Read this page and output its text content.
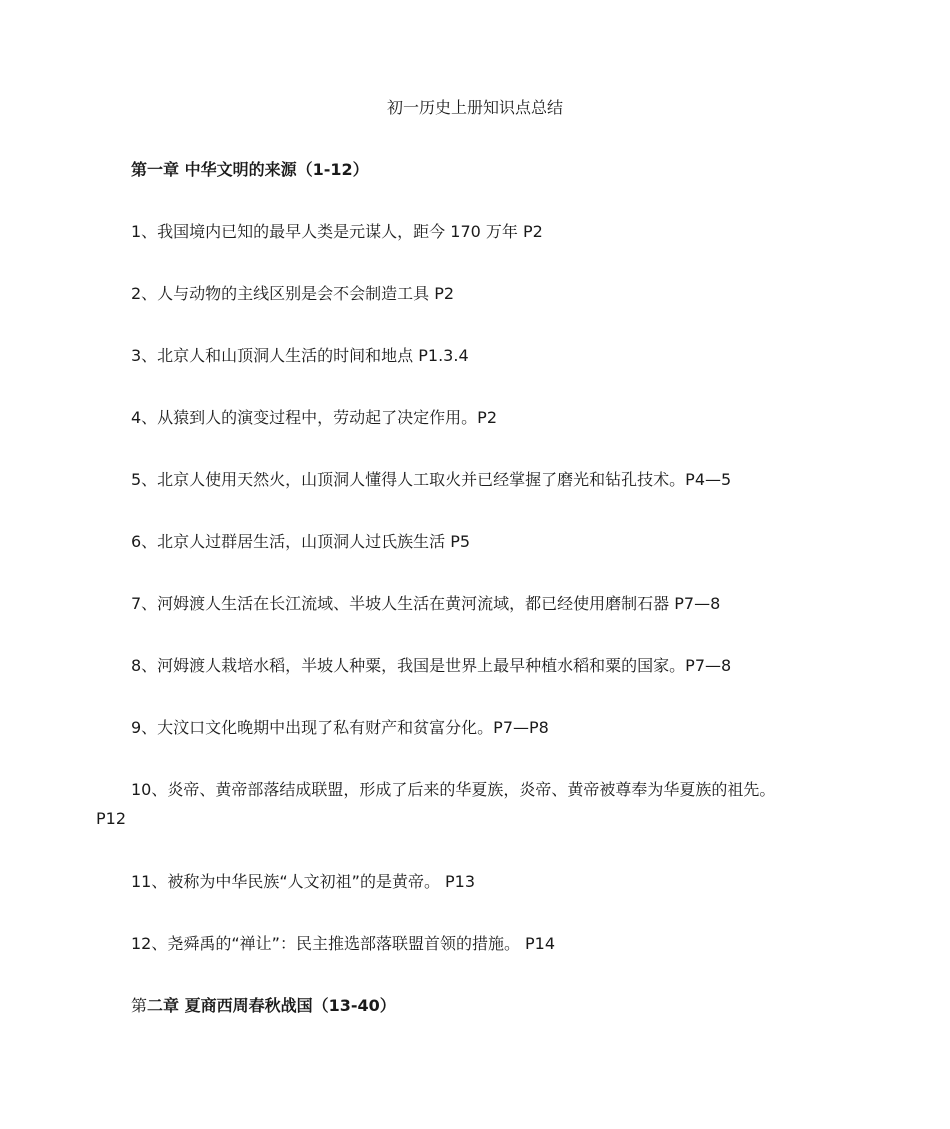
初一历史上册知识点总结
第一章 中华文明的来源（1-12）
1、我国境内已知的最早人类是元谋人，距今 170 万年 P2
2、人与动物的主线区别是会不会制造工具 P2
3、北京人和山顶洞人生活的时间和地点 P1.3.4
4、从猿到人的演变过程中，劳动起了决定作用。P2
5、北京人使用天然火，山顶洞人懂得人工取火并已经掌握了磨光和钻孔技术。P4—5
6、北京人过群居生活，山顶洞人过氏族生活 P5
7、河姆渡人生活在长江流域、半坡人生活在黄河流域，都已经使用磨制石器 P7—8
8、河姆渡人栽培水稻，半坡人种粟，我国是世界上最早种植水稻和粟的国家。P7—8
9、大汶口文化晚期中出现了私有财产和贫富分化。P7—P8
10、炎帝、黄帝部落结成联盟，形成了后来的华夏族，炎帝、黄帝被尊奉为华夏族的祖先。
P12
11、被称为中华民族“人文初祖”的是黄帝。 P13
12、尧舜禹的“禅让”：民主推选部落联盟首领的措施。 P14
第二章 夏商西周春秋战国（13-40）
